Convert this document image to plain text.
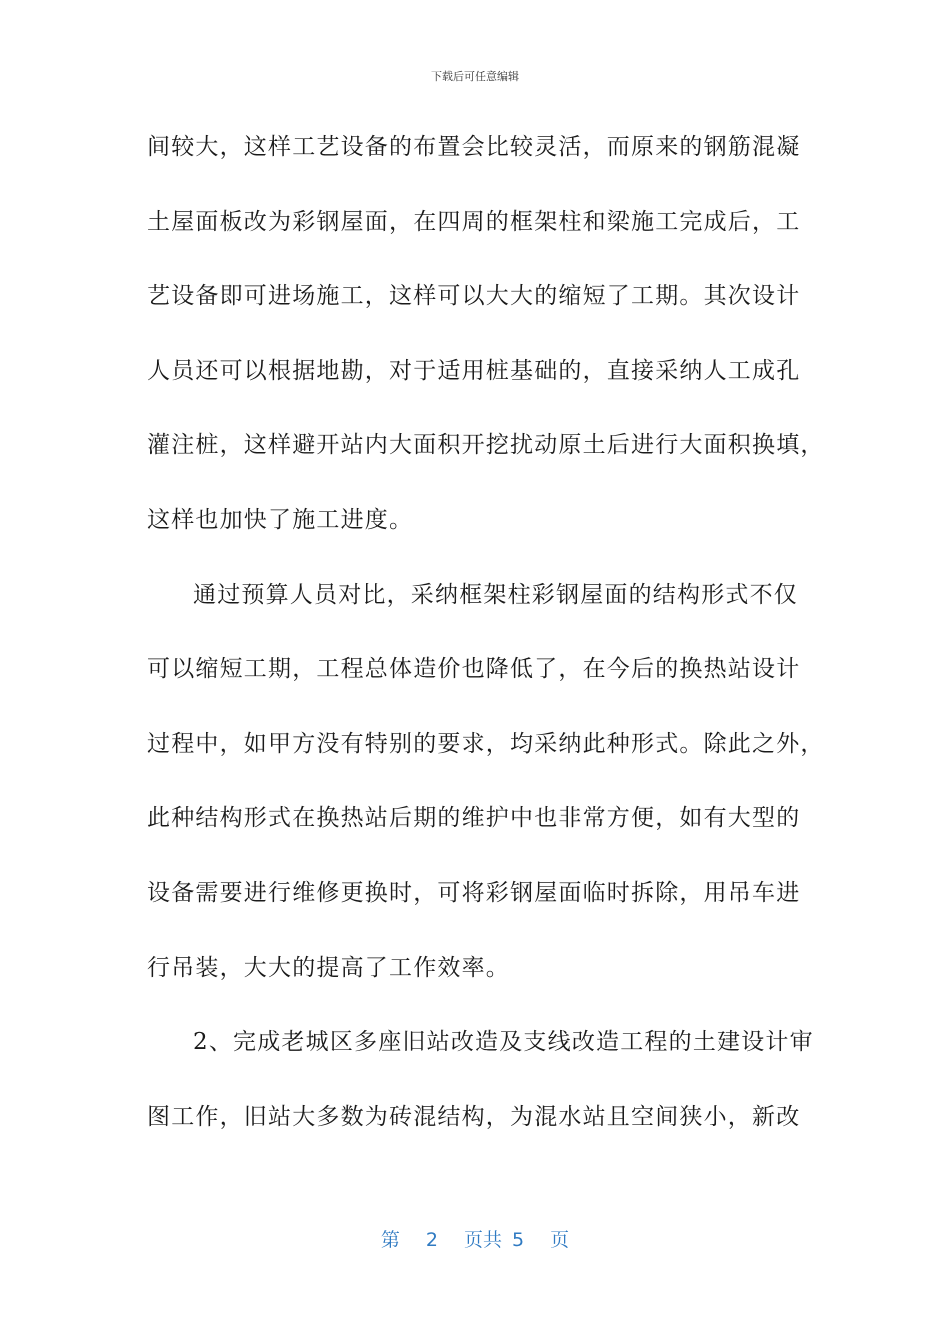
下载后可任意编辑
间较大，这样工艺设备的布置会比较灵活，而原来的钢筋混凝
土屋面板改为彩钢屋面，在四周的框架柱和梁施工完成后，工
艺设备即可进场施工，这样可以大大的缩短了工期。其次设计
人员还可以根据地勘，对于适用桩基础的，直接采纳人工成孔
灌注桩，这样避开站内大面积开挖扰动原土后进行大面积换填，
这样也加快了施工进度。
通过预算人员对比，采纳框架柱彩钢屋面的结构形式不仅
可以缩短工期，工程总体造价也降低了，在今后的换热站设计
过程中，如甲方没有特别的要求，均采纳此种形式。除此之外，
此种结构形式在换热站后期的维护中也非常方便，如有大型的
设备需要进行维修更换时，可将彩钢屋面临时拆除，用吊车进
行吊装，大大的提高了工作效率。
2、完成老城区多座旧站改造及支线改造工程的土建设计审
图工作，旧站大多数为砖混结构，为混水站且空间狭小，新改
第 2 页共 5 页
